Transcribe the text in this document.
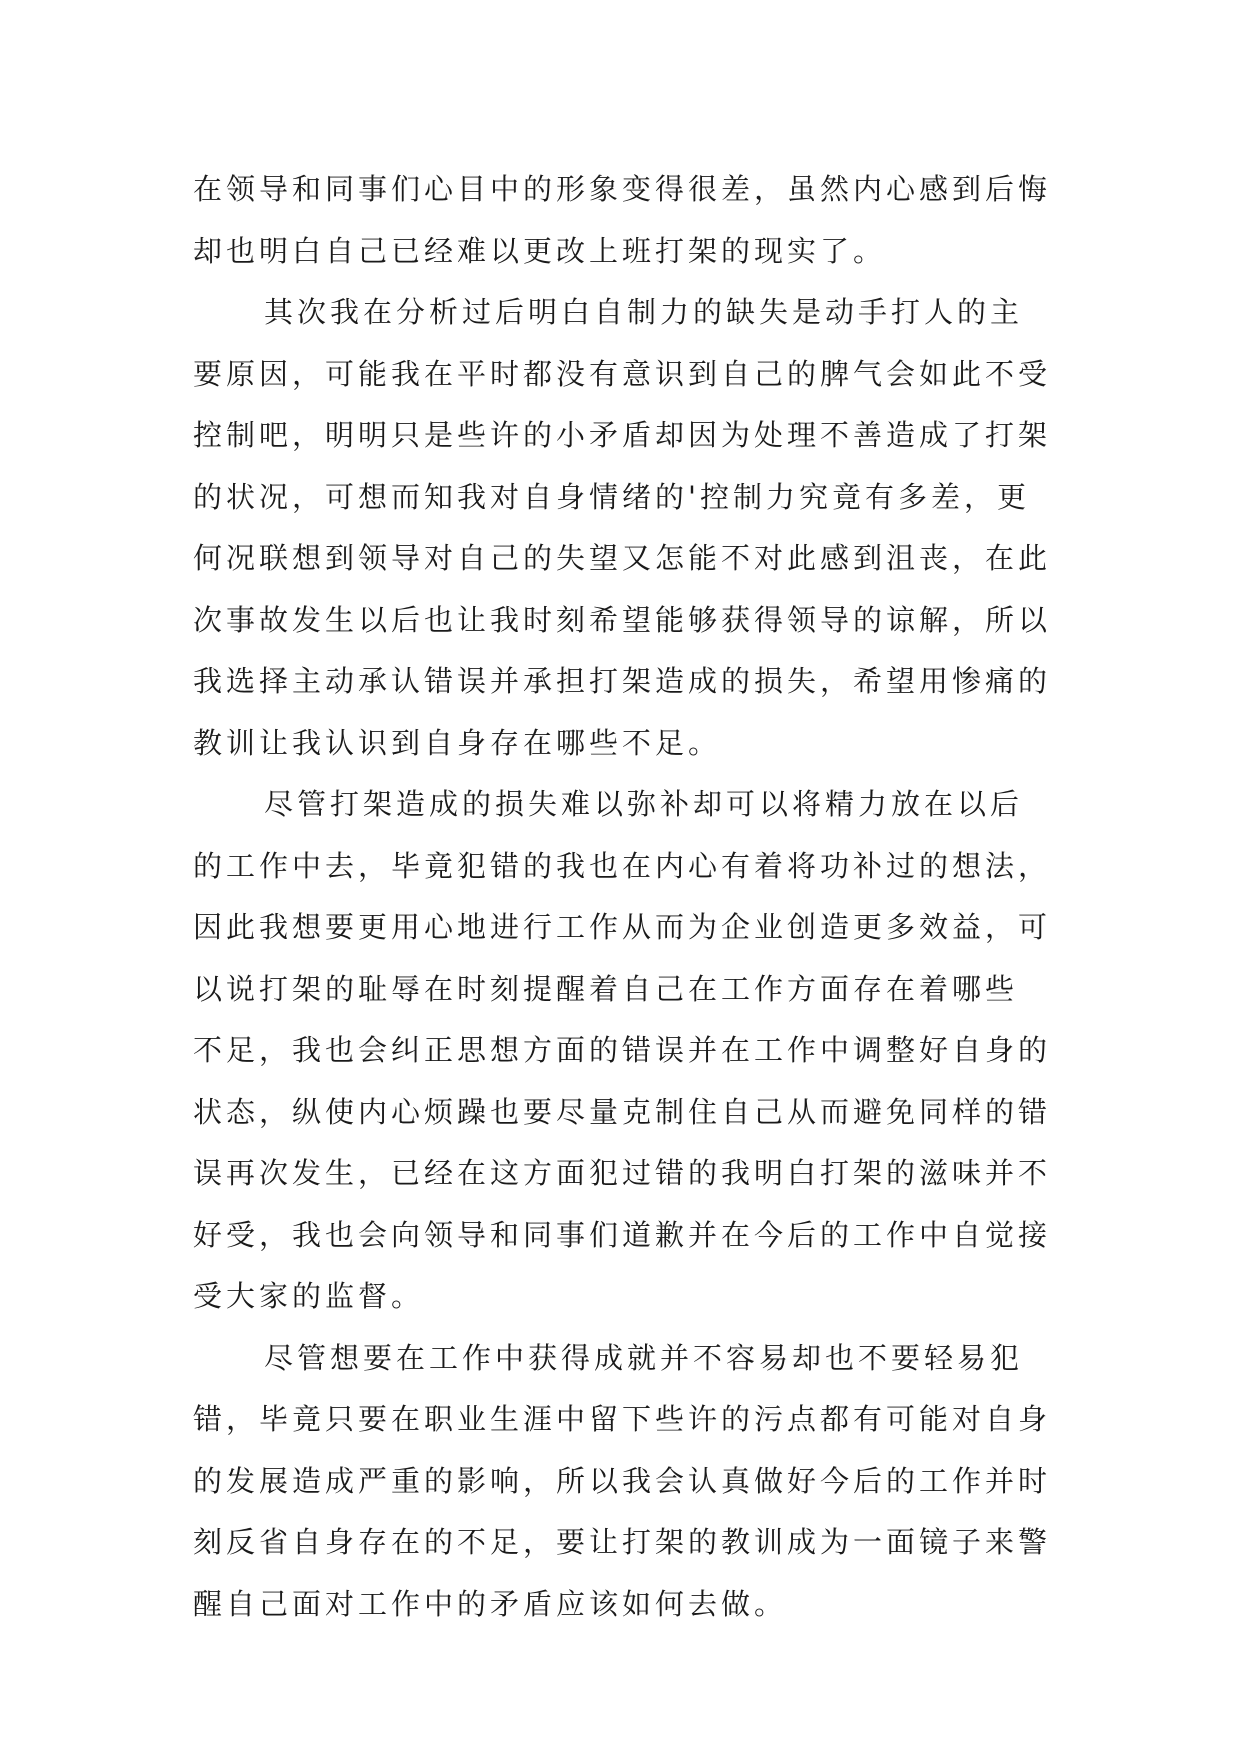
在领导和同事们心目中的形象变得很差，虽然内心感到后悔
却也明白自己已经难以更改上班打架的现实了。
其次我在分析过后明白自制力的缺失是动手打人的主
要原因，可能我在平时都没有意识到自己的脾气会如此不受
控制吧，明明只是些许的小矛盾却因为处理不善造成了打架
的状况，可想而知我对自身情绪的'控制力究竟有多差，更
何况联想到领导对自己的失望又怎能不对此感到沮丧，在此
次事故发生以后也让我时刻希望能够获得领导的谅解，所以
我选择主动承认错误并承担打架造成的损失，希望用惨痛的
教训让我认识到自身存在哪些不足。
尽管打架造成的损失难以弥补却可以将精力放在以后
的工作中去，毕竟犯错的我也在内心有着将功补过的想法，
因此我想要更用心地进行工作从而为企业创造更多效益，可
以说打架的耻辱在时刻提醒着自己在工作方面存在着哪些
不足，我也会纠正思想方面的错误并在工作中调整好自身的
状态，纵使内心烦躁也要尽量克制住自己从而避免同样的错
误再次发生，已经在这方面犯过错的我明白打架的滋味并不
好受，我也会向领导和同事们道歉并在今后的工作中自觉接
受大家的监督。
尽管想要在工作中获得成就并不容易却也不要轻易犯
错，毕竟只要在职业生涯中留下些许的污点都有可能对自身
的发展造成严重的影响，所以我会认真做好今后的工作并时
刻反省自身存在的不足，要让打架的教训成为一面镜子来警
醒自己面对工作中的矛盾应该如何去做。
